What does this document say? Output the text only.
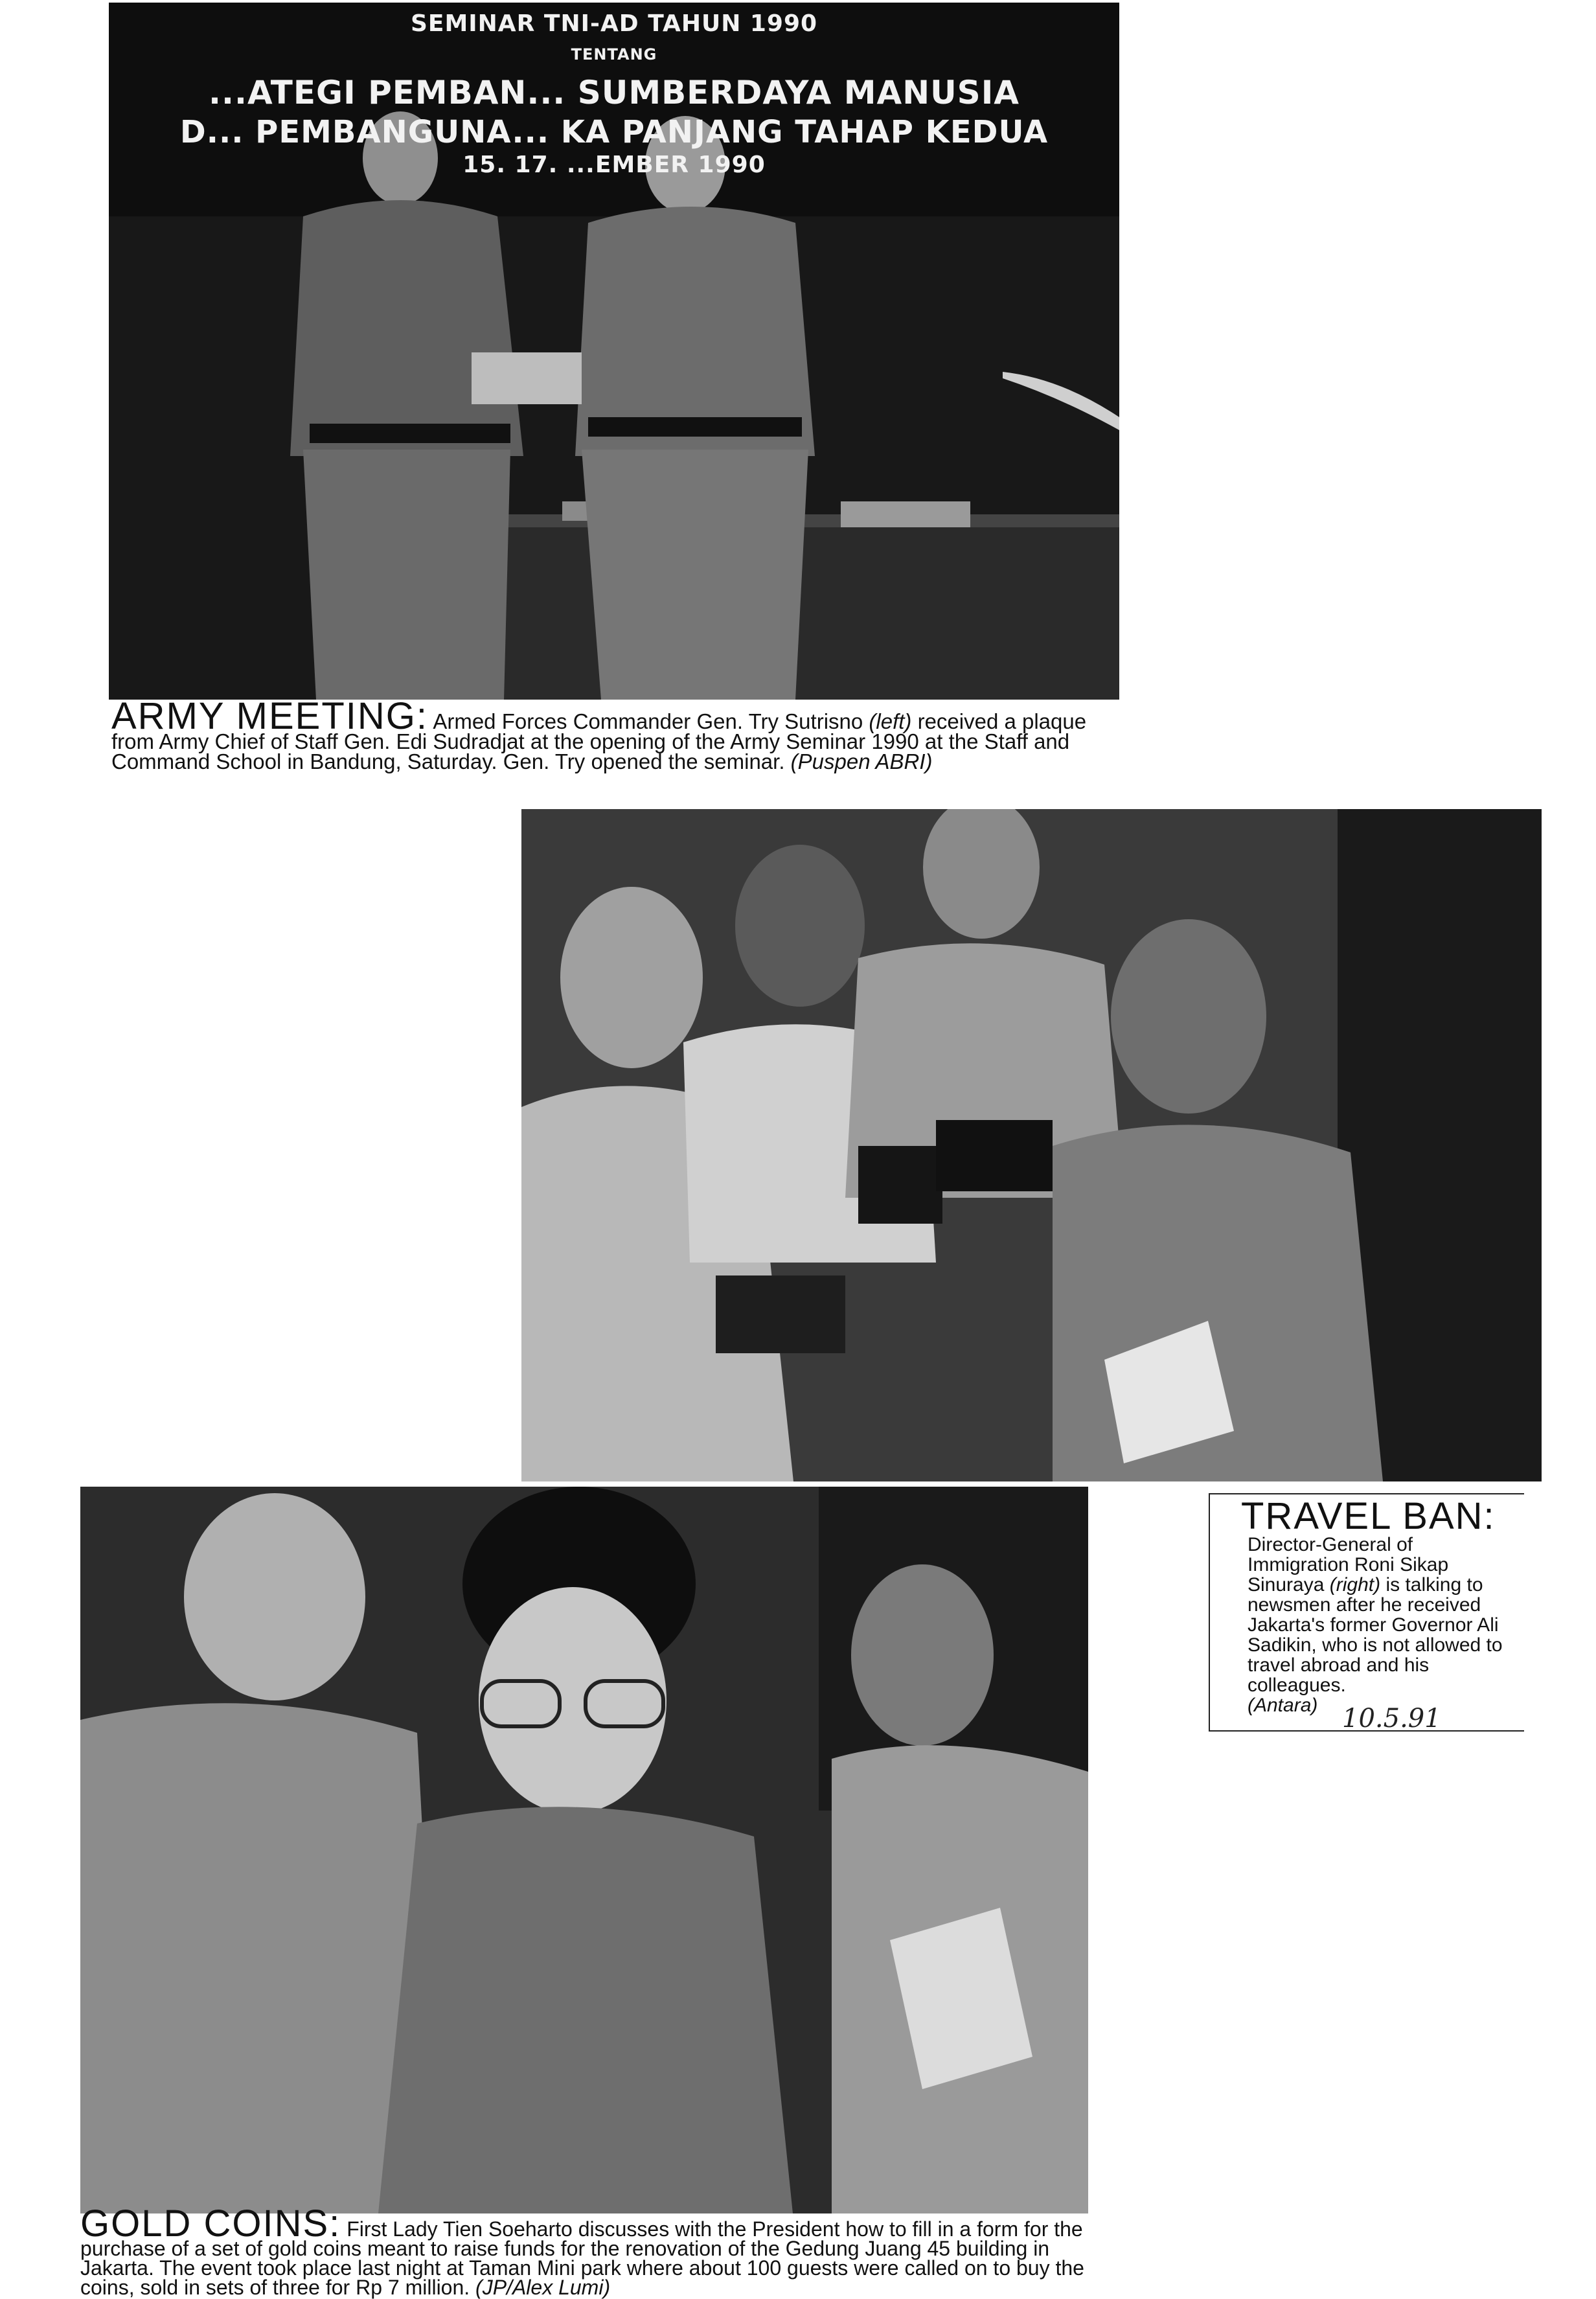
SEMINAR TNI-AD TAHUN 1990
TENTANG
...ATEGI PEMBAN... SUMBERDAYA MANUSIA
D... PEMBANGUNA... KA PANJANG TAHAP KEDUA
15. 17. ...EMBER 1990
ARMY MEETING: Armed Forces Commander Gen. Try Sutrisno (left) received a plaque from Army Chief of Staff Gen. Edi Sudradjat at the opening of the Army Seminar 1990 at the Staff and Command School in Bandung, Saturday. Gen. Try opened the seminar. (Puspen ABRI)
TRAVEL BAN:
Director-General of Immigration Roni Sikap Sinuraya (right) is talking to newsmen after he received Jakarta's former Governor Ali Sadikin, who is not allowed to travel abroad and his colleagues.
(Antara) 10.5.91
GOLD COINS: First Lady Tien Soeharto discusses with the President how to fill in a form for the purchase of a set of gold coins meant to raise funds for the renovation of the Gedung Juang 45 building in Jakarta. The event took place last night at Taman Mini park where about 100 guests were called on to buy the coins, sold in sets of three for Rp 7 million. (JP/Alex Lumi)
